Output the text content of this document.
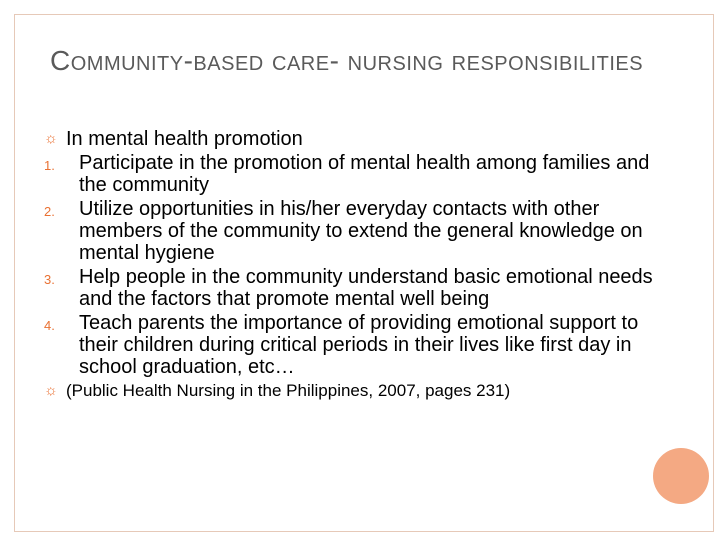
Community-based care- nursing responsibilities
☼ In mental health promotion
1.	Participate in the promotion of mental health among families and the community
2.	Utilize opportunities in his/her everyday contacts with other members of the community to extend the general knowledge on mental hygiene
3.	Help people in the community understand basic emotional needs and the factors that promote mental well being
4.	Teach parents the importance of providing emotional support to their children during critical periods in their lives like first day in school graduation, etc…
☼ (Public Health Nursing in the Philippines, 2007, pages 231)
